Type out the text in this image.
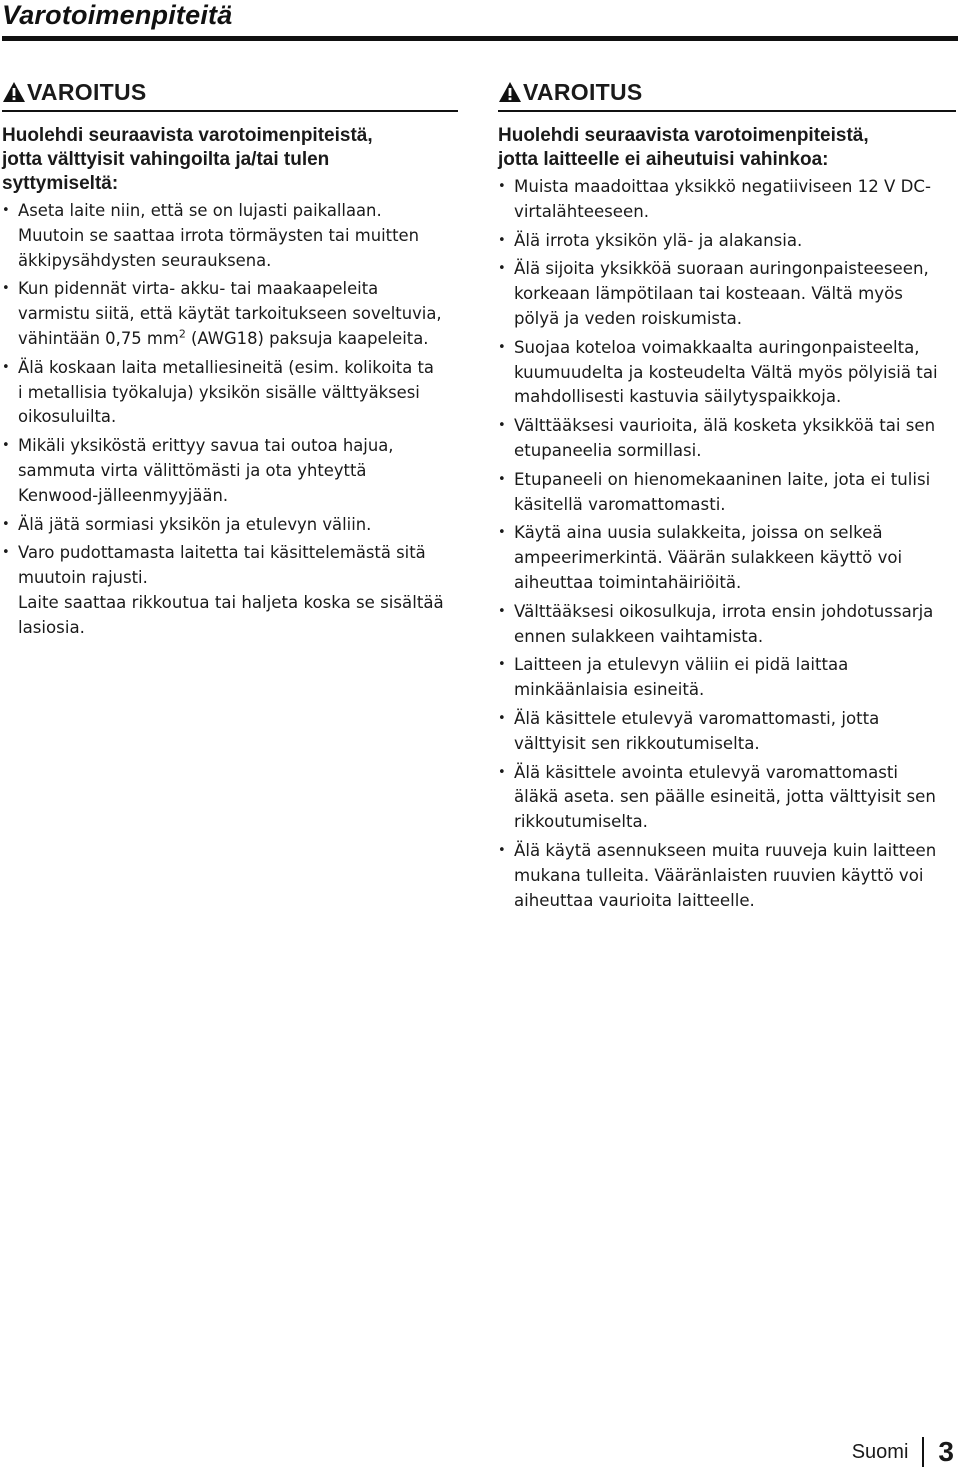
Varotoimenpiteitä
VAROITUS
Huolehdi seuraavista varotoimenpiteistä,
jotta välttyisit vahingoilta ja/tai tulen
syttymiseltä:
• Aseta laite niin, että se on lujasti paikallaan.
Muutoin se saattaa irrota törmäysten tai muitten
äkkipysähdysten seurauksena.
• Kun pidennät virta- akku- tai maakaapeleita
varmistu siitä, että käytät tarkoitukseen soveltuvia,
vähintään 0,75 $mm^2$ (AWG18) paksuja kaapeleita.
• Älä koskaan laita metalliesineitä (esim. kolikoita ta
i metallisia työkaluja) yksikön sisälle välttyäksesi
oikosuluilta.
• Mikäli yksiköstä erittyy savua tai outoa hajua,
sammuta virta välittömästi ja ota yhteyttä
Kenwood-jälleenmyyjään.
• Älä jätä sormiasi yksikön ja etulevyn väliin.
• Varo pudottamasta laitetta tai käsittelemästä sitä
muutoin rajusti.
Laite saattaa rikkoutua tai haljeta koska se sisältää
lasiosia.
VAROITUS
Huolehdi seuraavista varotoimenpiteistä,
jotta laitteelle ei aiheutuisi vahinkoa:
• Muista maadoittaa yksikkö negatiiviseen 12 V DC-
virtalähteeseen.
• Älä irrota yksikön ylä- ja alakansia.
• Älä sijoita yksikköä suoraan auringonpaisteeseen,
korkeaan lämpötilaan tai kosteaan. Vältä myös
pölyä ja veden roiskumista.
• Suojaa koteloa voimakkaalta auringonpaisteelta,
kuumuudelta ja kosteudelta Vältä myös pölyisiä tai
mahdollisesti kastuvia säilytyspaikkoja.
• Välttääksesi vaurioita, älä kosketa yksikköä tai sen
etupaneelia sormillasi.
• Etupaneeli on hienomekaaninen laite, jota ei tulisi
käsitellä varomattomasti.
• Käytä aina uusia sulakkeita, joissa on selkeä
ampeerimerkintä. Väärän sulakkeen käyttö voi
aiheuttaa toimintahäiriöitä.
• Välttääksesi oikosulkuja, irrota ensin johdotussarja
ennen sulakkeen vaihtamista.
• Laitteen ja etulevyn väliin ei pidä laittaa
minkäänlaisia esineitä.
• Älä käsittele etulevyä varomattomasti, jotta
välttyisit sen rikkoutumiselta.
• Älä käsittele avointa etulevyä varomattomasti
äläkä aseta. sen päälle esineitä, jotta välttyisit sen
rikkoutumiselta.
• Älä käytä asennukseen muita ruuveja kuin laitteen
mukana tulleita. Vääränlaisten ruuvien käyttö voi
aiheuttaa vaurioita laitteelle.
Suomi 3
